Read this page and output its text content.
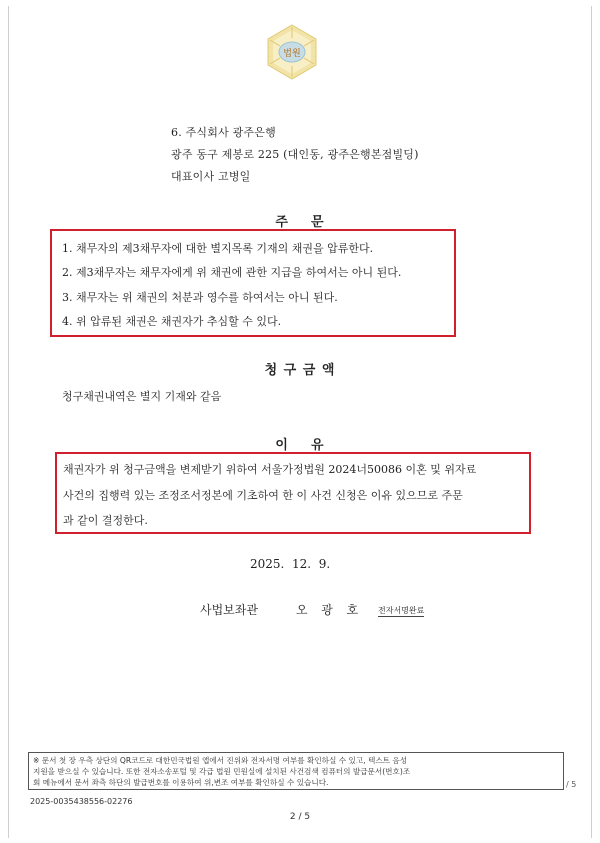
법원
6. 주식회사 광주은행
광주 동구 제봉로 225 (대인동, 광주은행본점빌딩)
대표이사 고병일
주    문
1. 채무자의 제3채무자에 대한 별지목록 기재의 채권을 압류한다.
2. 제3채무자는 채무자에게 위 채권에 관한 지급을 하여서는 아니 된다.
3. 채무자는 위 채권의 처분과 영수를 하여서는 아니 된다.
4. 위 압류된 채권은 채권자가 추심할 수 있다.
청 구 금 액
청구채권내역은 별지 기재와 같음
이    유
채권자가 위 청구금액을 변제받기 위하여 서울가정법원 2024너50086 이혼 및 위자료
사건의 집행력 있는 조정조서정본에 기초하여 한 이 사건 신청은 이유 있으므로 주문
과 같이 결정한다.
2025.  12.  9.
사법보좌관	오  광  호 전자서명완료
※ 문서 첫 장 우측 상단의 QR코드로 대한민국법원 앱에서 진위와 전자서명 여부를 확인하실 수 있고, 텍스트 음성
지원을 받으실 수 있습니다. 또한 전자소송포털 및 각급 법원 민원실에 설치된 사건검색 컴퓨터의 발급문서(번호)조
회 메뉴에서 문서 좌측 하단의 발급번호를 이용하여 위,변조 여부를 확인하실 수 있습니다.	/ 5
2025-0035438556-02276
2 / 5
